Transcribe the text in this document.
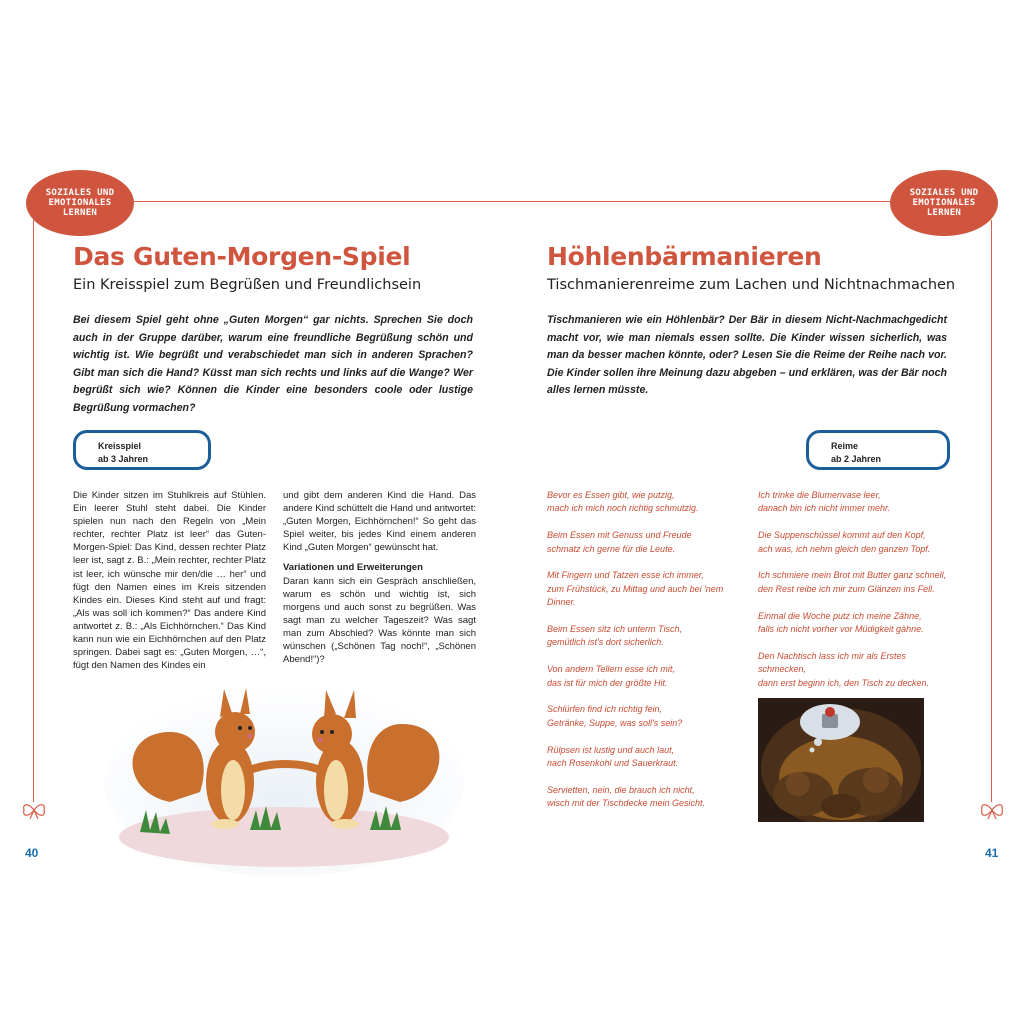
SOZIALES UND
EMOTIONALES
LERNEN
SOZIALES UND
EMOTIONALES
LERNEN
Das Guten-Morgen-Spiel
Ein Kreisspiel zum Begrüßen und Freundlichsein
Bei diesem Spiel geht ohne „Guten Morgen“ gar nichts. Sprechen Sie doch auch in der Gruppe darüber, warum eine freundliche Begrüßung schön und wichtig ist. Wie begrüßt und verabschiedet man sich in anderen Sprachen? Gibt man sich die Hand? Küsst man sich rechts und links auf die Wange? Wer begrüßt sich wie? Können die Kinder eine besonders coole oder lustige Begrüßung vormachen?
Kreisspiel
ab 3 Jahren

Die Kinder sitzen im Stuhlkreis auf Stühlen. Ein leerer Stuhl steht dabei. Die Kinder spielen nun nach den Regeln von „Mein rechter, rechter Platz ist leer“ das Guten-Morgen-Spiel: Das Kind, dessen rechter Platz leer ist, sagt z. B.: „Mein rechter, rechter Platz ist leer, ich wünsche mir den/die … her“ und fügt den Namen eines im Kreis sitzenden Kindes ein. Dieses Kind steht auf und fragt: „Als was soll ich kommen?“ Das andere Kind antwortet z. B.: „Als Eichhörnchen.“ Das Kind kann nun wie ein Eichhörnchen auf den Platz springen. Dabei sagt es: „Guten Morgen, …“, fügt den Namen des Kindes ein

und gibt dem anderen Kind die Hand. Das andere Kind schüttelt die Hand und antwortet: „Guten Morgen, Eichhörnchen!“ So geht das Spiel weiter, bis jedes Kind einem anderen Kind „Guten Morgen“ gewünscht hat.

Variationen und Erweiterungen

Daran kann sich ein Gespräch anschließen, warum es schön und wichtig ist, sich morgens und auch sonst zu begrüßen. Was sagt man zu welcher Tageszeit? Was sagt man zum Abschied? Was könnte man sich wünschen („Schönen Tag noch!“, „Schönen Abend!“)?

40
Höhlenbärmanieren
Tischmanierenreime zum Lachen und Nichtnachmachen
Tischmanieren wie ein Höhlenbär? Der Bär in diesem Nicht-Nachmachgedicht macht vor, wie man niemals essen sollte. Die Kinder wissen sicherlich, was man da besser machen könnte, oder? Lesen Sie die Reime der Reihe nach vor. Die Kinder sollen ihre Meinung dazu abgeben – und erklären, was der Bär noch alles lernen müsste.
Reime
ab 2 Jahren

Bevor es Essen gibt, wie putzig,
mach ich mich noch richtig schmutzig.

Beim Essen mit Genuss und Freude
schmatz ich gerne für die Leute.

Mit Fingern und Tatzen esse ich immer,
zum Frühstück, zu Mittag und auch bei 'nem
Dinner.

Beim Essen sitz ich unterm Tisch,
gemütlich ist's dort sicherlich.

Von andern Tellern esse ich mit,
das ist für mich der größte Hit.

Schlürfen find ich richtig fein,
Getränke, Suppe, was soll's sein?

Rülpsen ist lustig und auch laut,
nach Rosenkohl und Sauerkraut.

Servietten, nein, die brauch ich nicht,
wisch mit der Tischdecke mein Gesicht.

Ich trinke die Blumenvase leer,
danach bin ich nicht immer mehr.

Die Suppenschüssel kommt auf den Kopf,
ach was, ich nehm gleich den ganzen Topf.

Ich schmiere mein Brot mit Butter ganz schnell,
den Rest reibe ich mir zum Glänzen ins Fell.

Einmal die Woche putz ich meine Zähne,
falls ich nicht vorher vor Müdigkeit gähne.

Den Nachtisch lass ich mir als Erstes
schmecken,
dann erst beginn ich, den Tisch zu decken.

41
